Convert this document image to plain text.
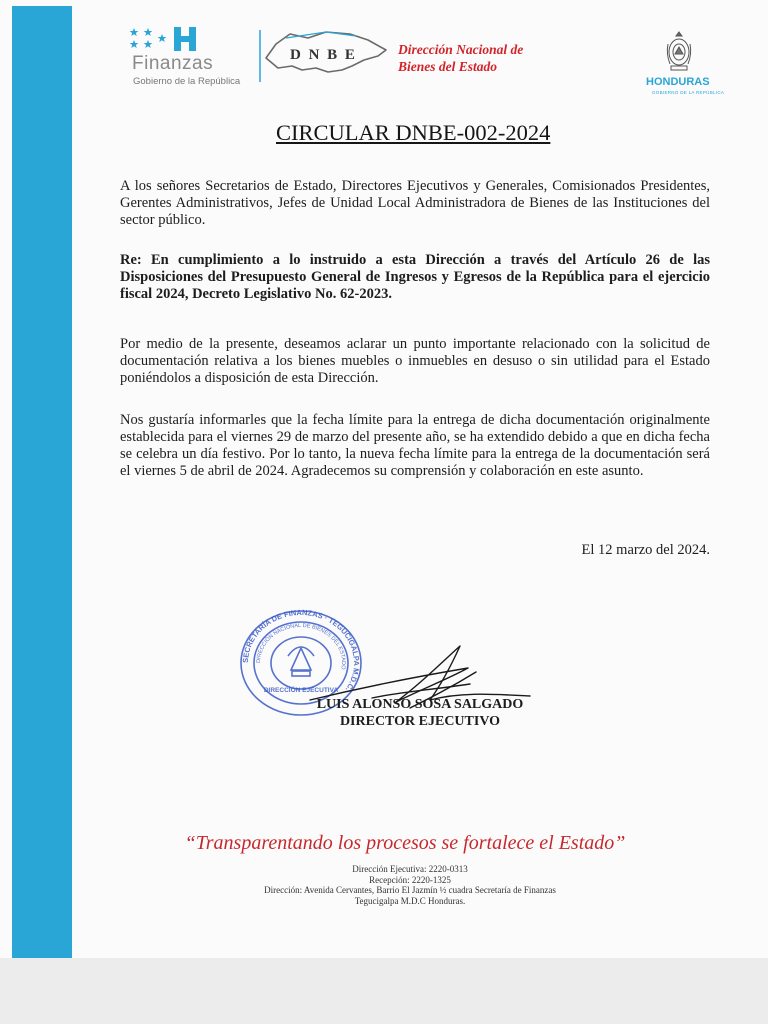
Finanzas
Gobierno de la República
D N B E	Dirección Nacional de
Bienes del Estado
HONDURAS
GOBIERNO DE LA REPÚBLICA
CIRCULAR DNBE-002-2024
A los señores Secretarios de Estado, Directores Ejecutivos y Generales, Comisionados Presidentes, Gerentes Administrativos, Jefes de Unidad Local Administradora de Bienes de las Instituciones del sector público.
Re: En cumplimiento a lo instruido a esta Dirección a través del Artículo 26 de las Disposiciones del Presupuesto General de Ingresos y Egresos de la República para el ejercicio fiscal 2024, Decreto Legislativo No. 62-2023.
Por medio de la presente, deseamos aclarar un punto importante relacionado con la solicitud de documentación relativa a los bienes muebles o inmuebles en desuso o sin utilidad para el Estado poniéndolos a disposición de esta Dirección.
Nos gustaría informarles que la fecha límite para la entrega de dicha documentación originalmente establecida para el viernes 29 de marzo del presente año, se ha extendido debido a que en dicha fecha se celebra un día festivo. Por lo tanto, la nueva fecha límite para la entrega de la documentación será el viernes 5 de abril de 2024. Agradecemos su comprensión y colaboración en este asunto.
El 12 marzo del 2024.
SECRETARÍA DE FINANZAS · TEGUCIGALPA M.D.C.
DIRECCIÓN NACIONAL DE BIENES DEL ESTADO
DIRECCIÓN EJECUTIVA
LUIS ALONSO SOSA SALGADO
DIRECTOR EJECUTIVO
“Transparentando los procesos se fortalece el Estado”
Dirección Ejecutiva: 2220-0313
Recepción: 2220-1325
Dirección: Avenida Cervantes, Barrio El Jazmín ½ cuadra Secretaría de Finanzas
Tegucigalpa M.D.C Honduras.
